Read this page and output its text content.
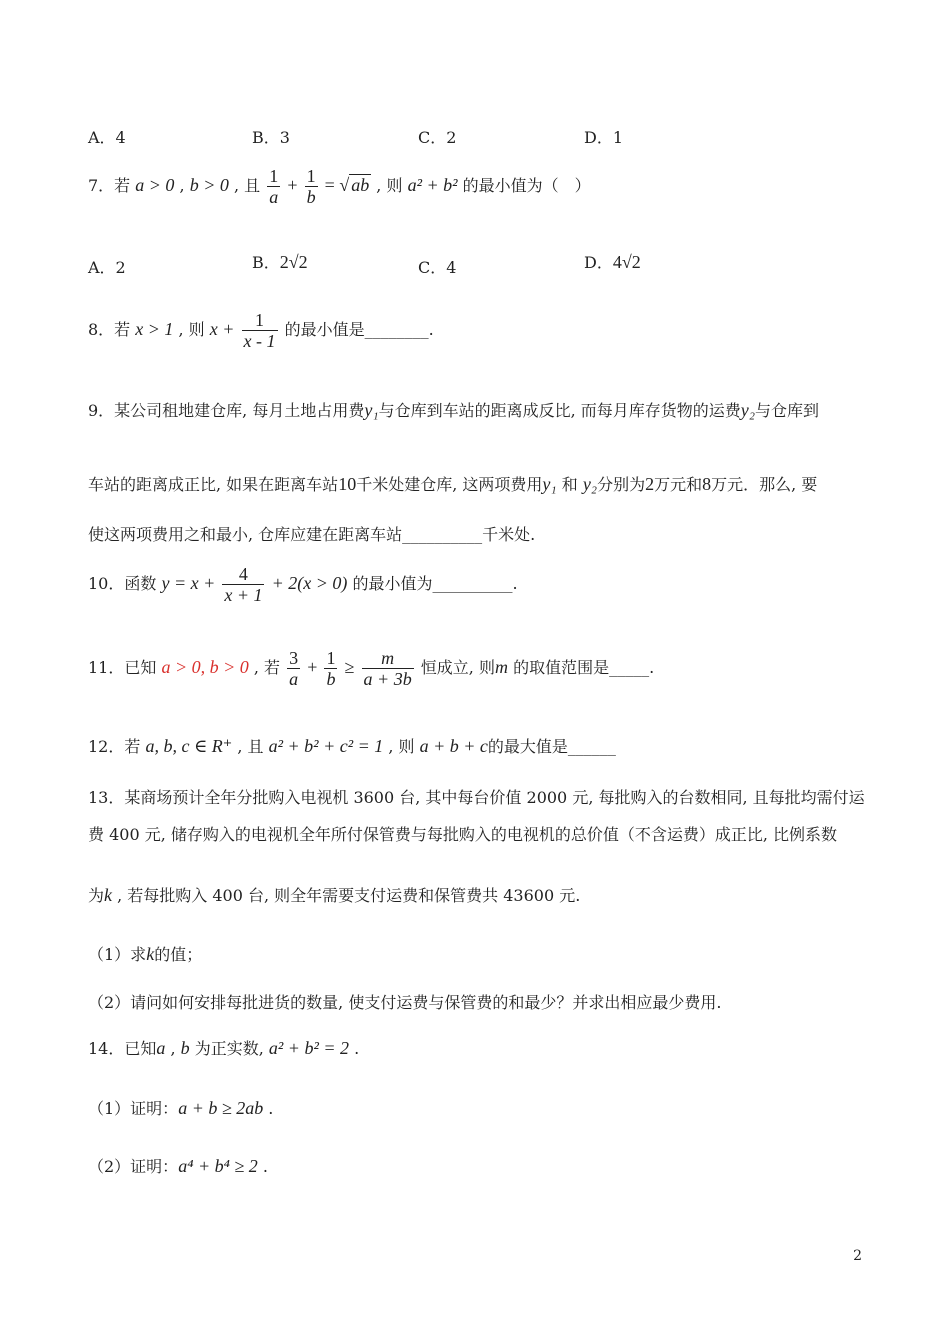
A．4	B．3	C．2	D．1
7．若 a > 0 , b > 0 , 且 $\frac{1}{a} + \frac{1}{b}$ = √ ab , 则 a² + b² 的最小值为（　）
A．2	B．2√2	C．4	D．4√2
8．若 x > 1 , 则 $x + \frac{1}{x - 1}$ 的最小值是________.
9．某公司租地建仓库, 每月土地占用费y₁与仓库到车站的距离成反比, 而每月库存货物的运费y₂与仓库到
车站的距离成正比, 如果在距离车站10千米处建仓库, 这两项费用y₁ 和 y₂分别为2万元和8万元．那么, 要
使这两项费用之和最小, 仓库应建在距离车站__________千米处.
10．函数 $y = x + \frac{4}{x + 1} + 2(x > 0)$ 的最小值为__________.
11．已知 a > 0, b > 0 , 若 $\frac{3}{a} + \frac{1}{b} \ge \frac{m}{a + 3b}$ 恒成立, 则m 的取值范围是_____.
12．若 a, b, c ∈ R⁺ , 且 a² + b² + c² = 1 , 则 a + b + c的最大值是______
13．某商场预计全年分批购入电视机 3600 台, 其中每台价值 2000 元, 每批购入的台数相同, 且每批均需付运
费 400 元, 储存购入的电视机全年所付保管费与每批购入的电视机的总价值（不含运费）成正比, 比例系数
为k , 若每批购入 400 台, 则全年需要支付运费和保管费共 43600 元.
（1）求k的值；
（2）请问如何安排每批进货的数量, 使支付运费与保管费的和最少？并求出相应最少费用.
14．已知a , b 为正实数, a² + b² = 2 .
（1）证明：a + b ≥ 2ab .
（2）证明：a⁴ + b⁴ ≥ 2 .
2
